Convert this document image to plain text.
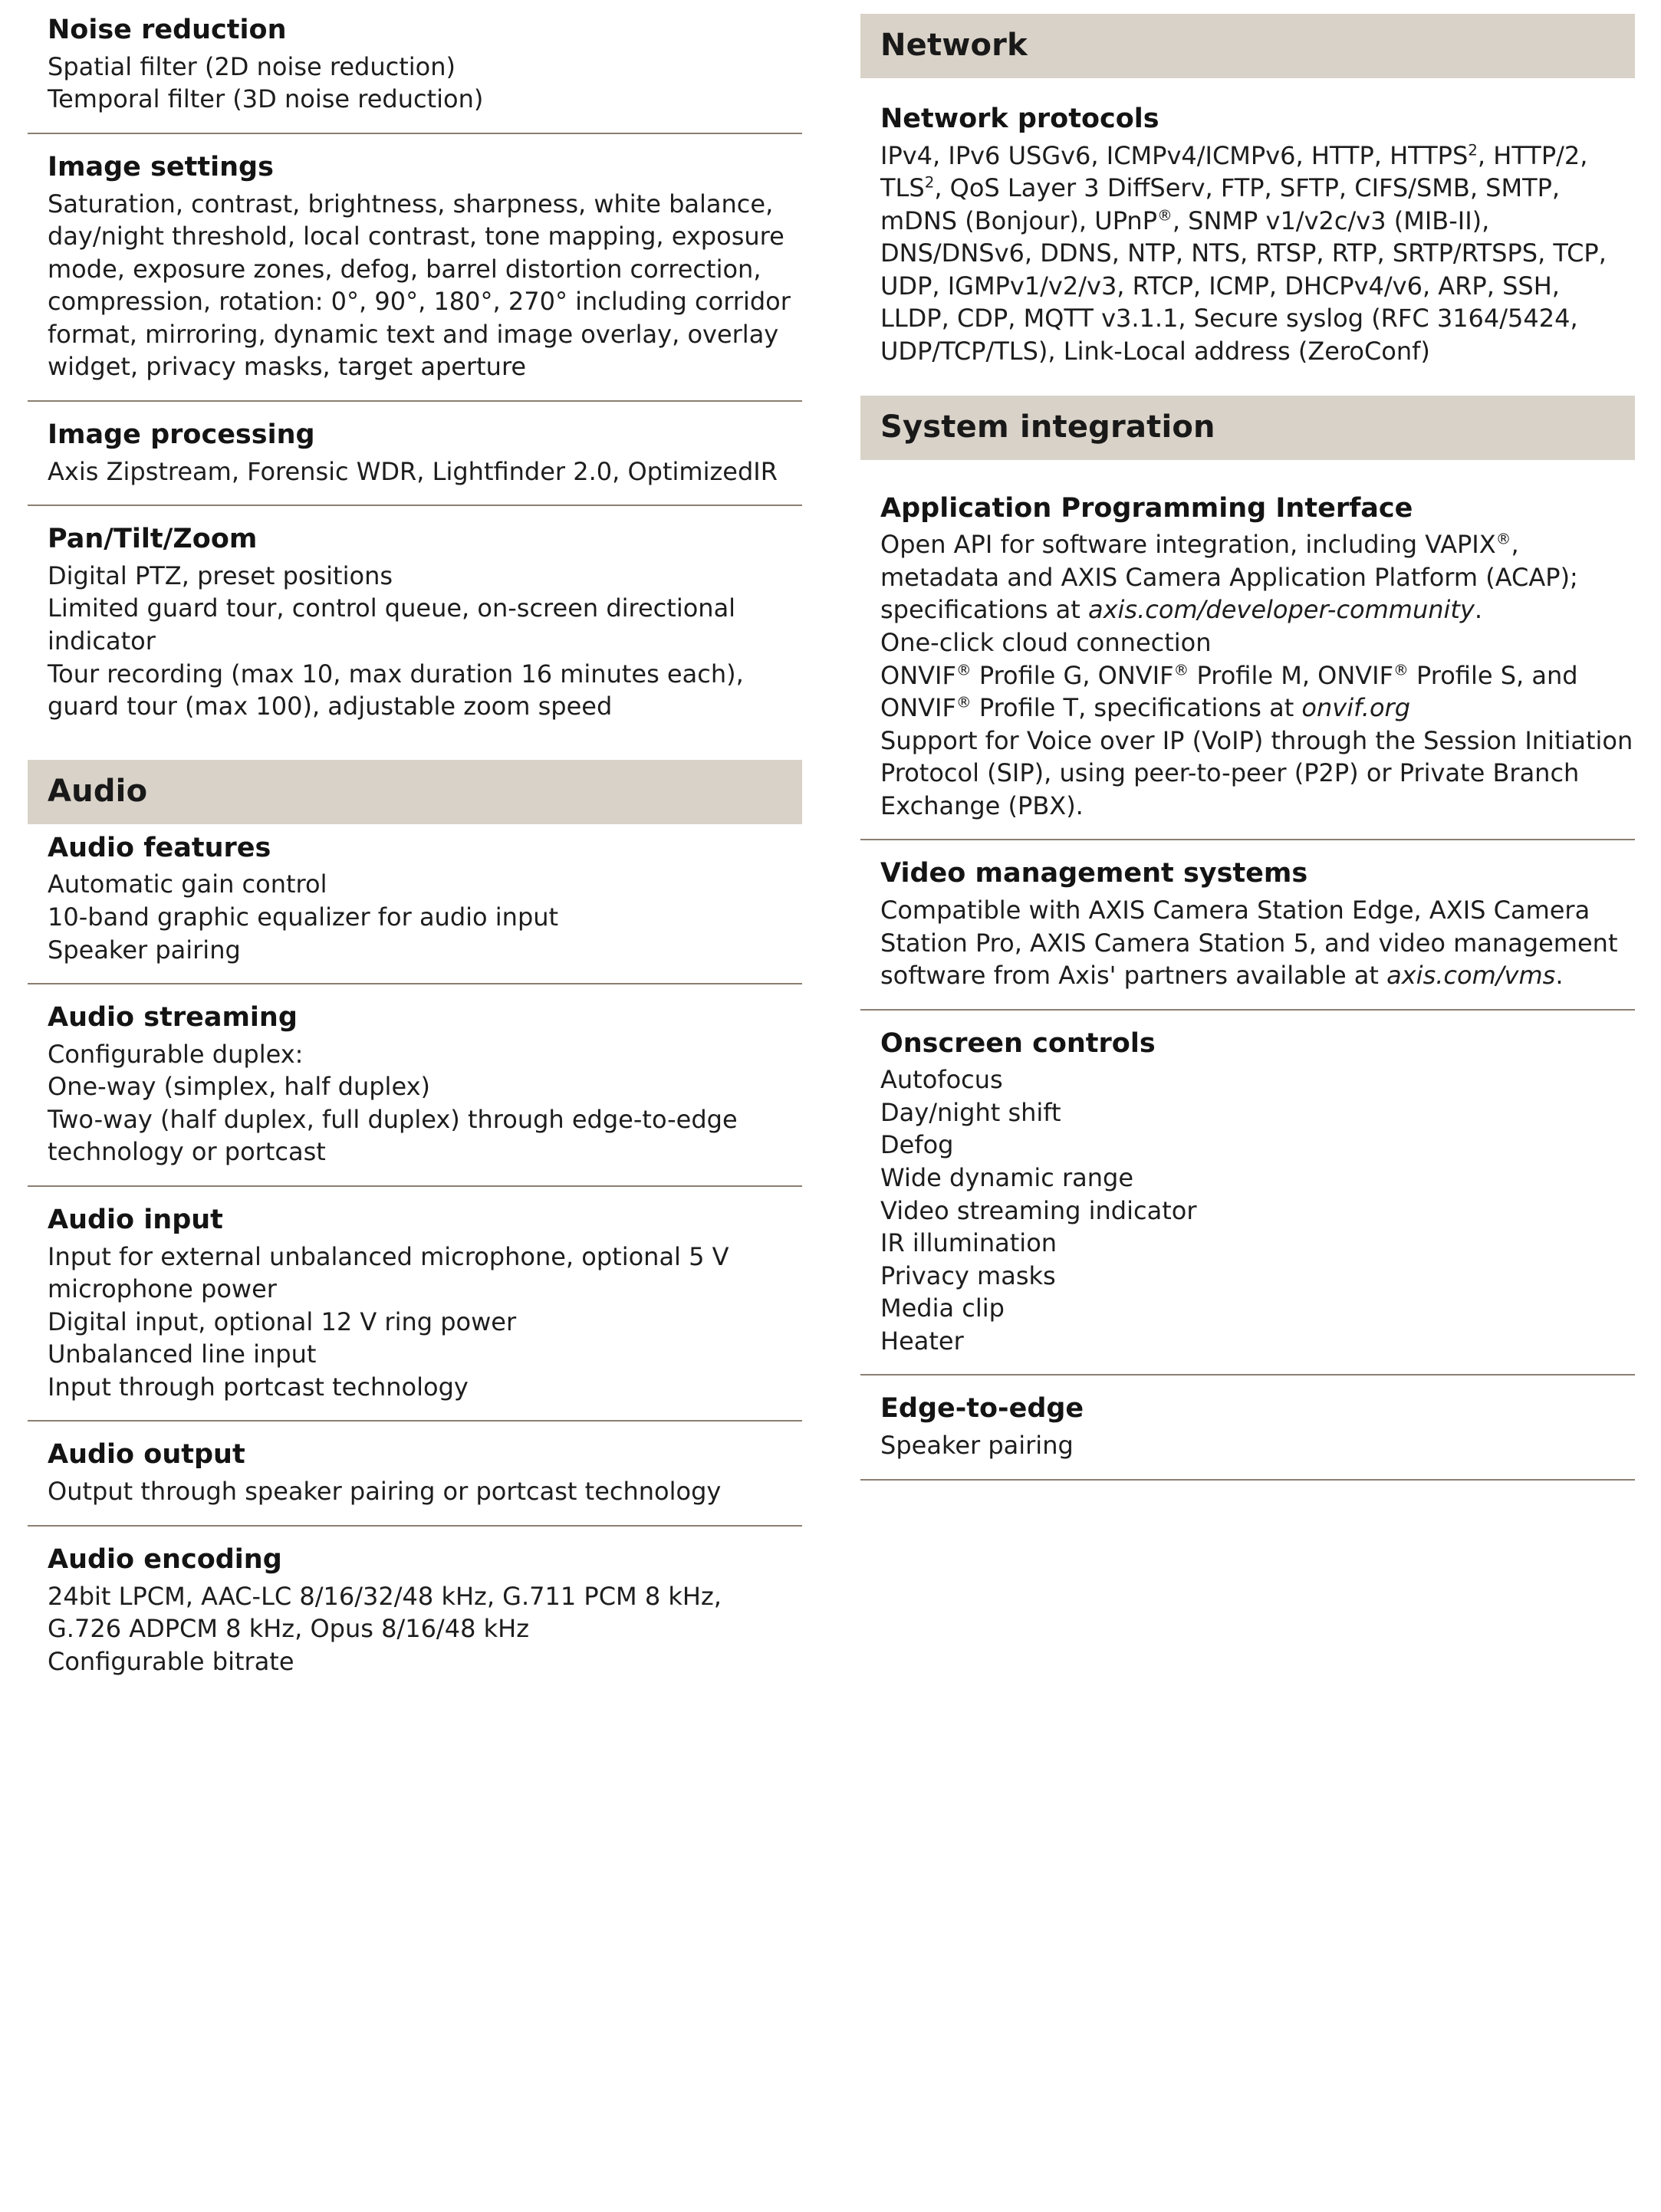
Noise reduction

Spatial filter (2D noise reduction)

Temporal filter (3D noise reduction)

Image settings

Saturation, contrast, brightness, sharpness, white balance, day/night threshold, local contrast, tone mapping, exposure mode, exposure zones, defog, barrel distortion correction, compression, rotation: 0°, 90°, 180°, 270° including corridor format, mirroring, dynamic text and image overlay, overlay widget, privacy masks, target aperture

Image processing

Axis Zipstream, Forensic WDR, Lightfinder 2.0, OptimizedIR

Pan/Tilt/Zoom

Digital PTZ, preset positions

Limited guard tour, control queue, on-screen directional indicator

Tour recording (max 10, max duration 16 minutes each), guard tour (max 100), adjustable zoom speed

Audio
Audio features

Automatic gain control

10-band graphic equalizer for audio input

Speaker pairing

Audio streaming

Configurable duplex:

One-way (simplex, half duplex)

Two-way (half duplex, full duplex) through edge-to-edge technology or portcast

Audio input

Input for external unbalanced microphone, optional 5 V microphone power

Digital input, optional 12 V ring power

Unbalanced line input

Input through portcast technology

Audio output

Output through speaker pairing or portcast technology

Audio encoding

24bit LPCM, AAC-LC 8/16/32/48 kHz, G.711 PCM 8 kHz, G.726 ADPCM 8 kHz, Opus 8/16/48 kHz

Configurable bitrate

Network
Network protocols

IPv4, IPv6 USGv6, ICMPv4/ICMPv6, HTTP, HTTPS$^2$, HTTP/2, TLS$^2$, QoS Layer 3 DiffServ, FTP, SFTP, CIFS/SMB, SMTP, mDNS (Bonjour), UPnP®, SNMP v1/v2c/v3 (MIB-II), DNS/DNSv6, DDNS, NTP, NTS, RTSP, RTP, SRTP/RTSPS, TCP, UDP, IGMPv1/v2/v3, RTCP, ICMP, DHCPv4/v6, ARP, SSH, LLDP, CDP, MQTT v3.1.1, Secure syslog (RFC 3164/5424, UDP/TCP/TLS), Link-Local address (ZeroConf)

System integration
Application Programming Interface

Open API for software integration, including VAPIX®, metadata and AXIS Camera Application Platform (ACAP); specifications at axis.com/developer-community.

One-click cloud connection

ONVIF® Profile G, ONVIF® Profile M, ONVIF® Profile S, and ONVIF® Profile T, specifications at onvif.org

Support for Voice over IP (VoIP) through the Session Initiation Protocol (SIP), using peer-to-peer (P2P) or Private Branch Exchange (PBX).

Video management systems

Compatible with AXIS Camera Station Edge, AXIS Camera Station Pro, AXIS Camera Station 5, and video management software from Axis' partners available at axis.com/vms.

Onscreen controls

Autofocus

Day/night shift

Defog

Wide dynamic range

Video streaming indicator

IR illumination

Privacy masks

Media clip

Heater

Edge-to-edge

Speaker pairing
